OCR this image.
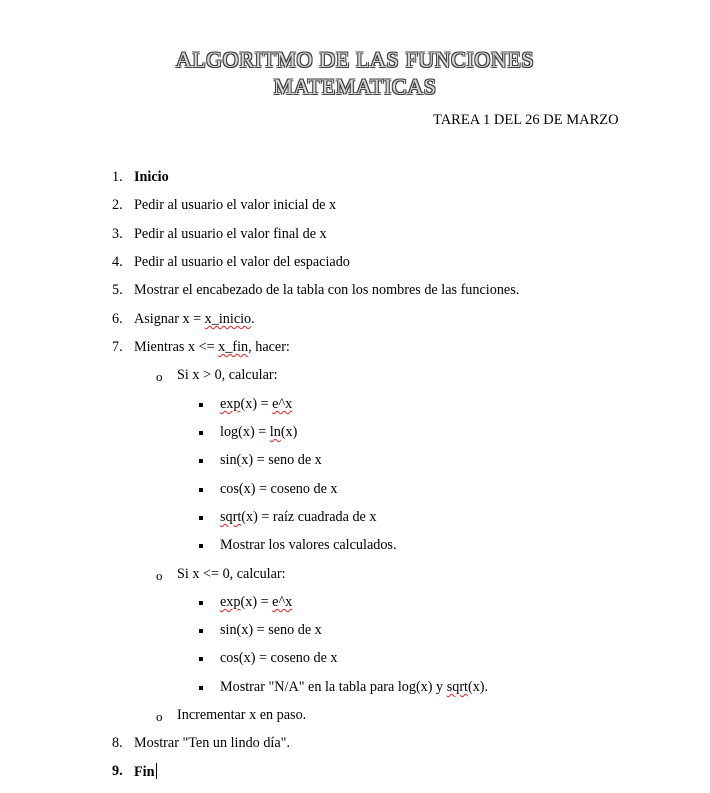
ALGORITMO DE LAS FUNCIONES
MATEMATICAS
TAREA 1 DEL 26 DE MARZO
1. Inicio
2. Pedir al usuario el valor inicial de x
3. Pedir al usuario el valor final de x
4. Pedir al usuario el valor del espaciado
5. Mostrar el encabezado de la tabla con los nombres de las funciones.
6. Asignar x = x_inicio.
7. Mientras x <= x_fin, hacer:
o Si x > 0, calcular:
exp(x) = e^x
log(x) = ln(x)
sin(x) = seno de x
cos(x) = coseno de x
sqrt(x) = raíz cuadrada de x
Mostrar los valores calculados.
o Si x <= 0, calcular:
exp(x) = e^x
sin(x) = seno de x
cos(x) = coseno de x
Mostrar "N/A" en la tabla para log(x) y sqrt(x).
o Incrementar x en paso.
8. Mostrar "Ten un lindo día".
9. Fin
